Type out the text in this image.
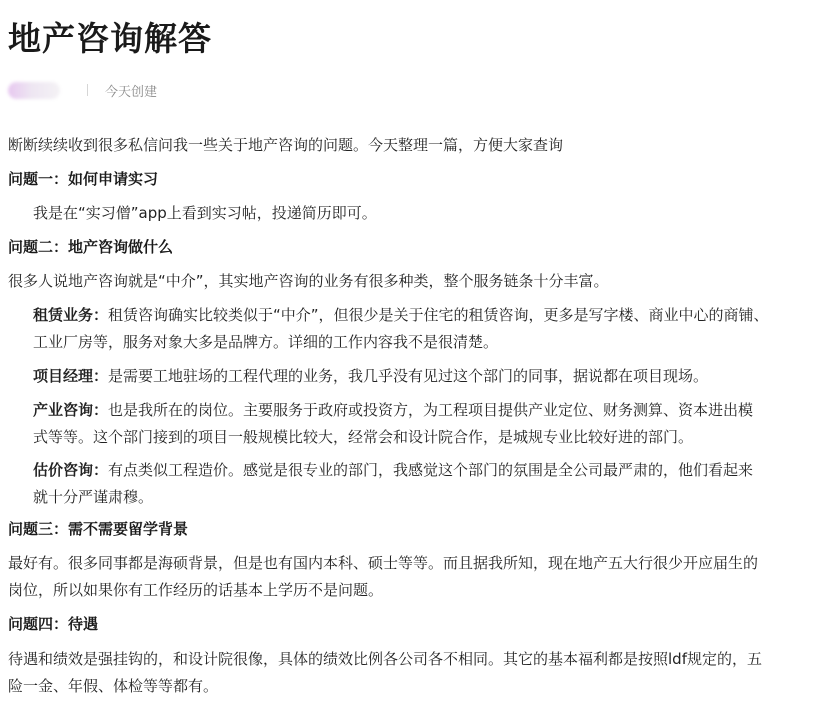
地产咨询解答
今天创建

断断续续收到很多私信问我一些关于地产咨询的问题。今天整理一篇，方便大家查询

问题一：如何申请实习

我是在“实习僧”app上看到实习帖，投递简历即可。

问题二：地产咨询做什么

很多人说地产咨询就是“中介”，其实地产咨询的业务有很多种类，整个服务链条十分丰富。

租赁业务：租赁咨询确实比较类似于“中介”，但很少是关于住宅的租赁咨询，更多是写字楼、商业中心的商铺、

工业厂房等，服务对象大多是品牌方。详细的工作内容我不是很清楚。

项目经理：是需要工地驻场的工程代理的业务，我几乎没有见过这个部门的同事，据说都在项目现场。

产业咨询：也是我所在的岗位。主要服务于政府或投资方，为工程项目提供产业定位、财务测算、资本进出模

式等等。这个部门接到的项目一般规模比较大，经常会和设计院合作，是城规专业比较好进的部门。

估价咨询：有点类似工程造价。感觉是很专业的部门，我感觉这个部门的氛围是全公司最严肃的，他们看起来

就十分严谨肃穆。

问题三：需不需要留学背景

最好有。很多同事都是海硕背景，但是也有国内本科、硕士等等。而且据我所知，现在地产五大行很少开应届生的

岗位，所以如果你有工作经历的话基本上学历不是问题。

问题四：待遇

待遇和绩效是强挂钩的，和设计院很像，具体的绩效比例各公司各不相同。其它的基本福利都是按照ldf规定的，五

险一金、年假、体检等等都有。
